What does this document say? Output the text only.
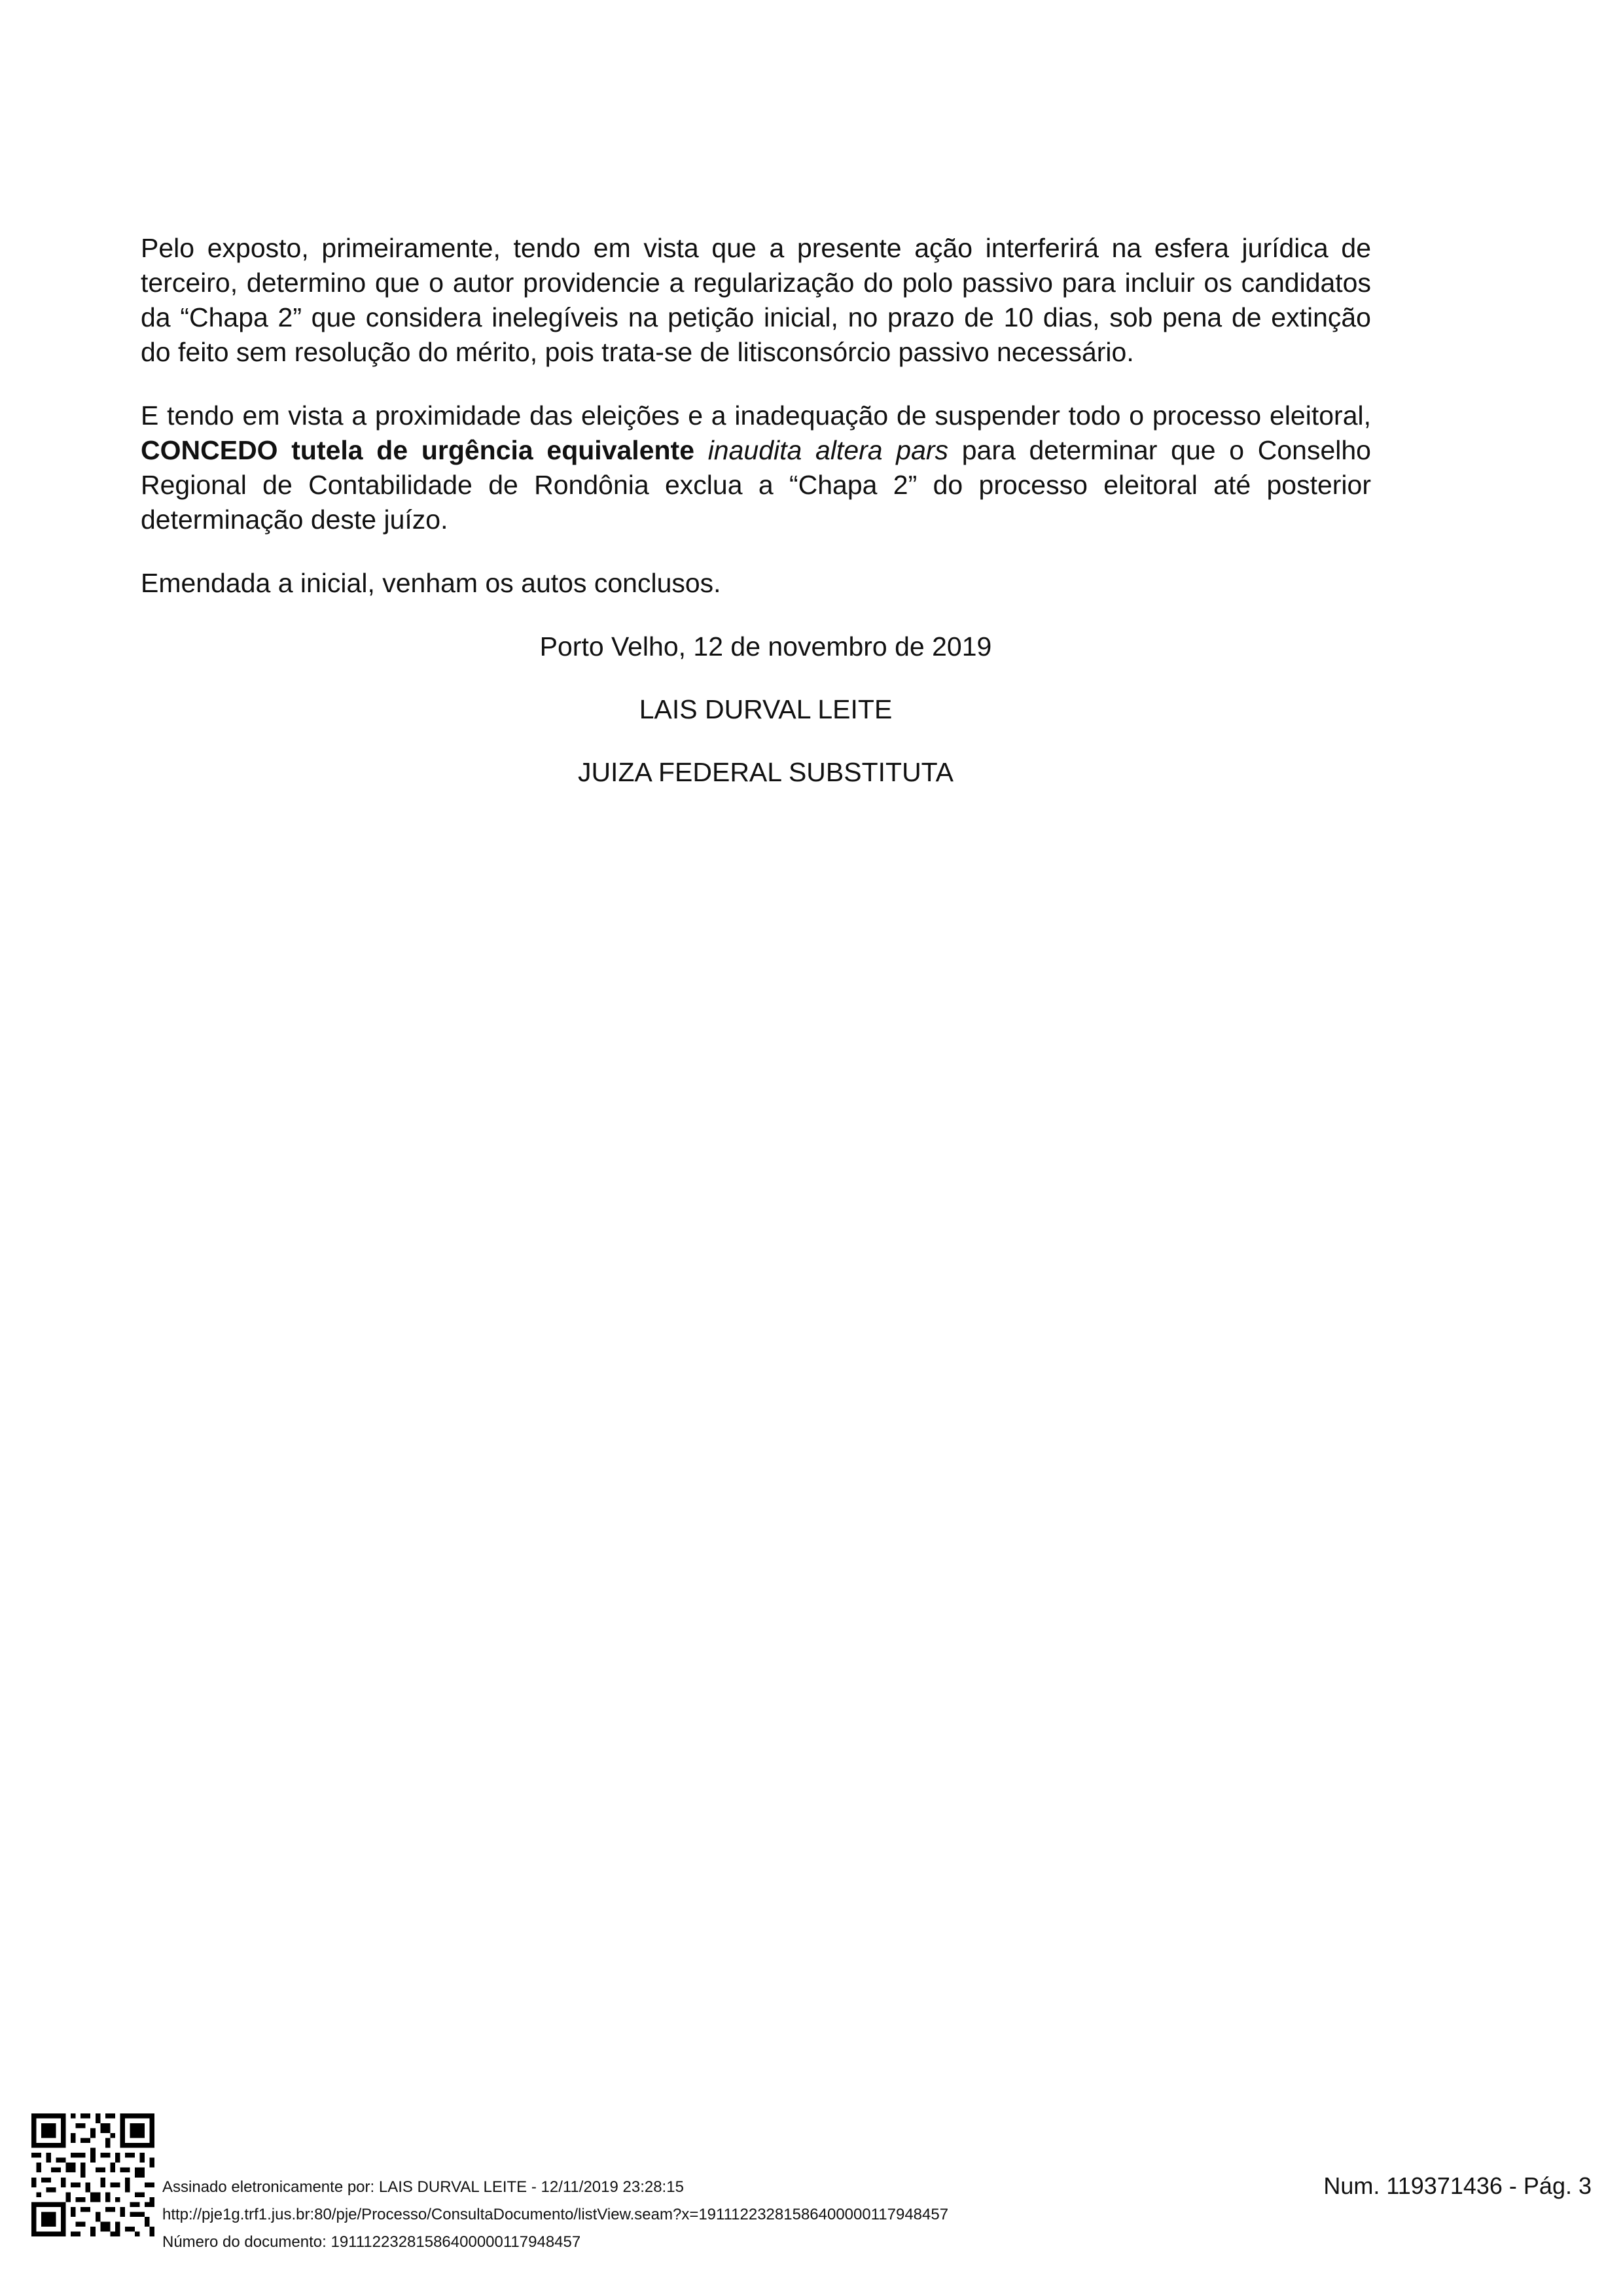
Pelo exposto, primeiramente, tendo em vista que a presente ação interferirá na esfera jurídica de terceiro, determino que o autor providencie a regularização do polo passivo para incluir os candidatos da “Chapa 2” que considera inelegíveis na petição inicial, no prazo de 10 dias, sob pena de extinção do feito sem resolução do mérito, pois trata-se de litisconsórcio passivo necessário.

E tendo em vista a proximidade das eleições e a inadequação de suspender todo o processo eleitoral, CONCEDO tutela de urgência equivalente inaudita altera pars para determinar que o Conselho Regional de Contabilidade de Rondônia exclua a “Chapa 2” do processo eleitoral até posterior determinação deste juízo.

Emendada a inicial, venham os autos conclusos.

Porto Velho, 12 de novembro de 2019

LAIS DURVAL LEITE

JUIZA FEDERAL SUBSTITUTA

Assinado eletronicamente por: LAIS DURVAL LEITE - 12/11/2019 23:28:15
http://pje1g.trf1.jus.br:80/pje/Processo/ConsultaDocumento/listView.seam?x=19111223281586400000117948457
Número do documento: 19111223281586400000117948457
Num. 119371436 - Pág. 3
